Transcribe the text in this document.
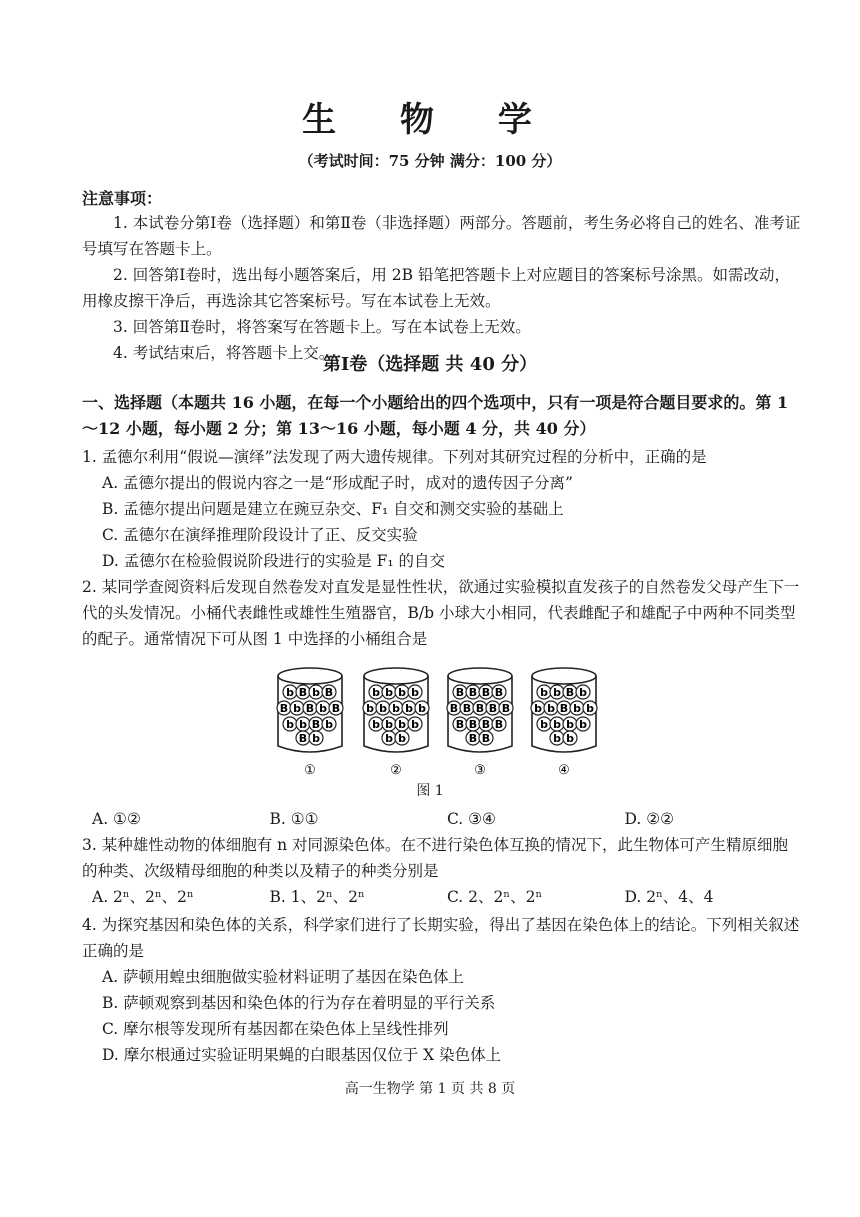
生 物 学
（考试时间：75 分钟 满分：100 分）
注意事项：

1. 本试卷分第Ⅰ卷（选择题）和第Ⅱ卷（非选择题）两部分。答题前，考生务必将自己的姓名、准考证号填写在答题卡上。

2. 回答第Ⅰ卷时，选出每小题答案后，用 2B 铅笔把答题卡上对应题目的答案标号涂黑。如需改动，用橡皮擦干净后，再选涂其它答案标号。写在本试卷上无效。

3. 回答第Ⅱ卷时，将答案写在答题卡上。写在本试卷上无效。

4. 考试结束后，将答题卡上交。

第Ⅰ卷（选择题 共 40 分）
一、选择题（本题共 16 小题，在每一个小题给出的四个选项中，只有一项是符合题目要求的。第 1～12 小题，每小题 2 分；第 13～16 小题，每小题 4 分，共 40 分）

1. 孟德尔利用“假说—演绎”法发现了两大遗传规律。下列对其研究过程的分析中，正确的是

A. 孟德尔提出的假说内容之一是“形成配子时，成对的遗传因子分离”

B. 孟德尔提出问题是建立在豌豆杂交、F₁ 自交和测交实验的基础上

C. 孟德尔在演绎推理阶段设计了正、反交实验

D. 孟德尔在检验假说阶段进行的实验是 F₁ 的自交

2. 某同学查阅资料后发现自然卷发对直发是显性性状，欲通过实验模拟直发孩子的自然卷发父母产生下一代的头发情况。小桶代表雌性或雄性生殖器官，B/b 小球大小相同，代表雌配子和雄配子中两种不同类型的配子。通常情况下可从图 1 中选择的小桶组合是

b B b B
B b B b B
b b B b
B b
b b b b
b b b b b
b b b b
b b
B B B B
B B B B B
B B B B
B B
b b B b
b b B b b
b b b b
b b
①	②	③	④
图 1
A. ①②	B. ①①	C. ③④	D. ②②

3. 某种雄性动物的体细胞有 n 对同源染色体。在不进行染色体互换的情况下，此生物体可产生精原细胞的种类、次级精母细胞的种类以及精子的种类分别是

A. 2ⁿ、2ⁿ、2ⁿ	B. 1、2ⁿ、2ⁿ	C. 2、2ⁿ、2ⁿ	D. 2ⁿ、4、4

4. 为探究基因和染色体的关系，科学家们进行了长期实验，得出了基因在染色体上的结论。下列相关叙述正确的是

A. 萨顿用蝗虫细胞做实验材料证明了基因在染色体上

B. 萨顿观察到基因和染色体的行为存在着明显的平行关系

C. 摩尔根等发现所有基因都在染色体上呈线性排列

D. 摩尔根通过实验证明果蝇的白眼基因仅位于 X 染色体上

高一生物学 第 1 页 共 8 页
